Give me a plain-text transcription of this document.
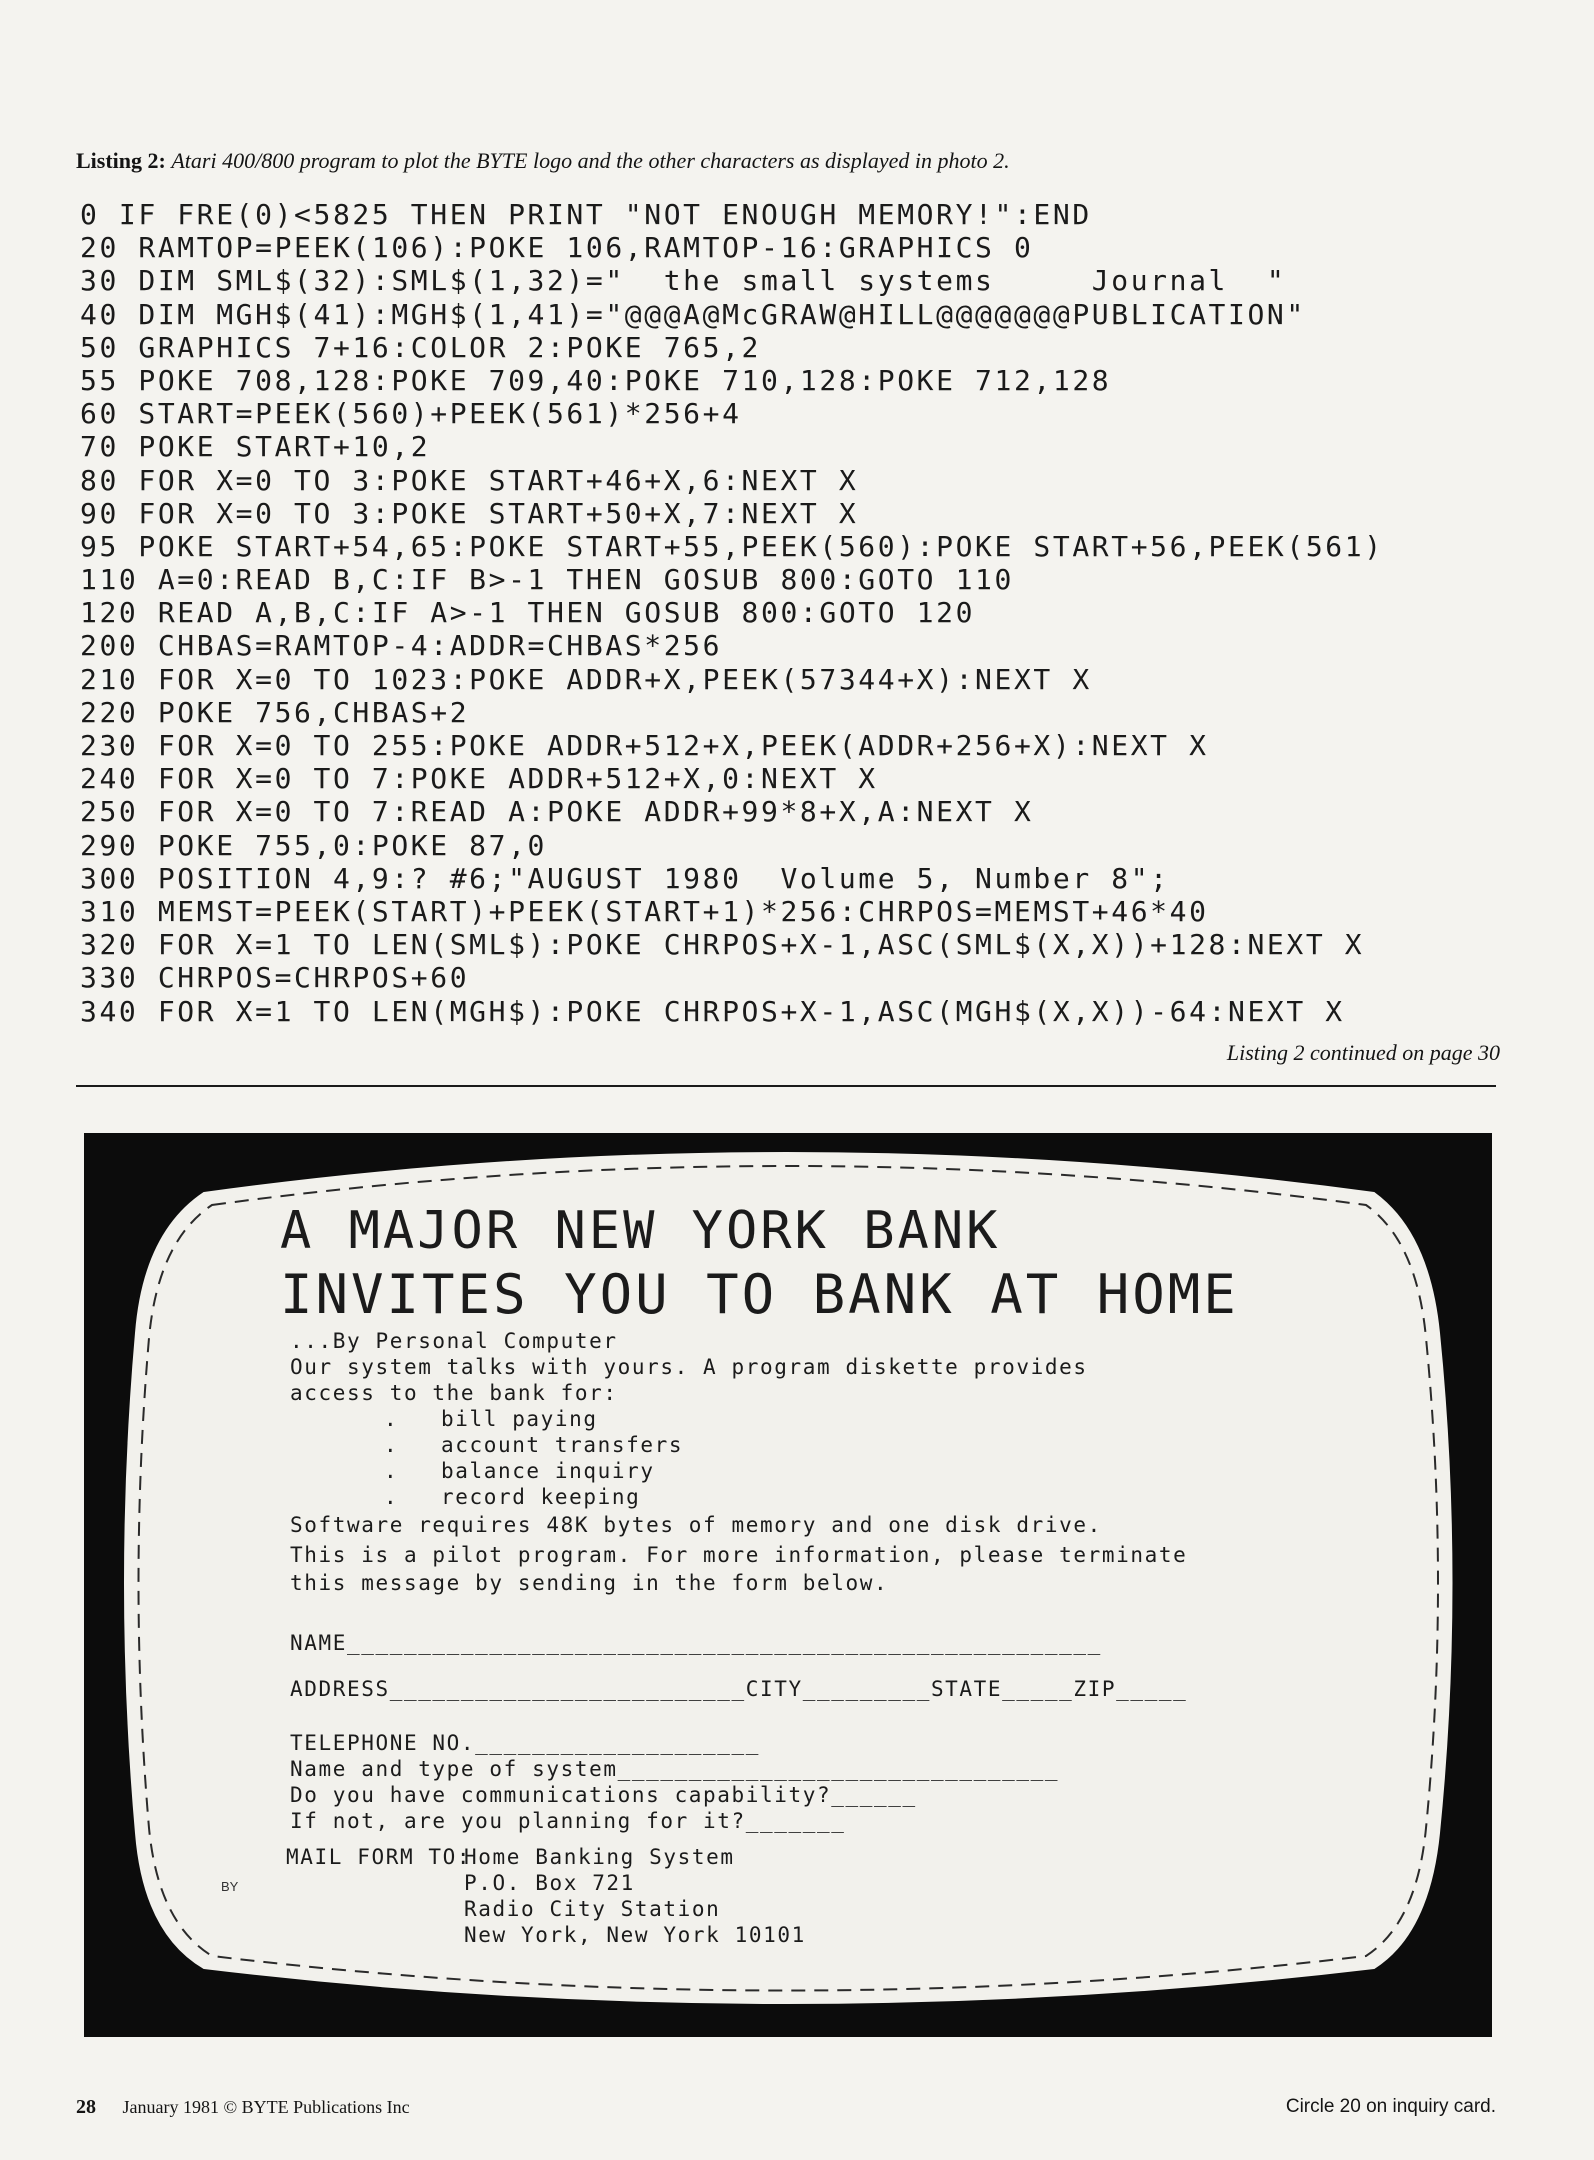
Listing 2: Atari 400/800 program to plot the BYTE logo and the other characters as displayed in photo 2.
0 IF FRE(0)<5825 THEN PRINT "NOT ENOUGH MEMORY!":END
20 RAMTOP=PEEK(106):POKE 106,RAMTOP-16:GRAPHICS 0
30 DIM SML$(32):SML$(1,32)="  the small systems     Journal  "
40 DIM MGH$(41):MGH$(1,41)="@@@A@McGRAW@HILL@@@@@@@PUBLICATION"
50 GRAPHICS 7+16:COLOR 2:POKE 765,2
55 POKE 708,128:POKE 709,40:POKE 710,128:POKE 712,128
60 START=PEEK(560)+PEEK(561)*256+4
70 POKE START+10,2
80 FOR X=0 TO 3:POKE START+46+X,6:NEXT X
90 FOR X=0 TO 3:POKE START+50+X,7:NEXT X
95 POKE START+54,65:POKE START+55,PEEK(560):POKE START+56,PEEK(561)
110 A=0:READ B,C:IF B>-1 THEN GOSUB 800:GOTO 110
120 READ A,B,C:IF A>-1 THEN GOSUB 800:GOTO 120
200 CHBAS=RAMTOP-4:ADDR=CHBAS*256
210 FOR X=0 TO 1023:POKE ADDR+X,PEEK(57344+X):NEXT X
220 POKE 756,CHBAS+2
230 FOR X=0 TO 255:POKE ADDR+512+X,PEEK(ADDR+256+X):NEXT X
240 FOR X=0 TO 7:POKE ADDR+512+X,0:NEXT X
250 FOR X=0 TO 7:READ A:POKE ADDR+99*8+X,A:NEXT X
290 POKE 755,0:POKE 87,0
300 POSITION 4,9:? #6;"AUGUST 1980  Volume 5, Number 8";
310 MEMST=PEEK(START)+PEEK(START+1)*256:CHRPOS=MEMST+46*40
320 FOR X=1 TO LEN(SML$):POKE CHRPOS+X-1,ASC(SML$(X,X))+128:NEXT X
330 CHRPOS=CHRPOS+60
340 FOR X=1 TO LEN(MGH$):POKE CHRPOS+X-1,ASC(MGH$(X,X))-64:NEXT X
Listing 2 continued on page 30
A MAJOR NEW YORK BANK
INVITES YOU TO BANK AT HOME
...By Personal Computer
Our system talks with yours. A program diskette provides
access to the bank for:
.   bill paying
.   account transfers
.   balance inquiry
.   record keeping
Software requires 48K bytes of memory and one disk drive.
This is a pilot program. For more information, please terminate
this message by sending in the form below.
NAME_____________________________________________________
ADDRESS_________________________CITY_________STATE_____ZIP_____
TELEPHONE NO.____________________
Name and type of system_______________________________
Do you have communications capability?______
If not, are you planning for it?_______
MAIL FORM TO:
Home Banking System
P.O. Box 721
Radio City Station
New York, New York 10101
BY
28 January 1981 © BYTE Publications Inc	Circle 20 on inquiry card.
